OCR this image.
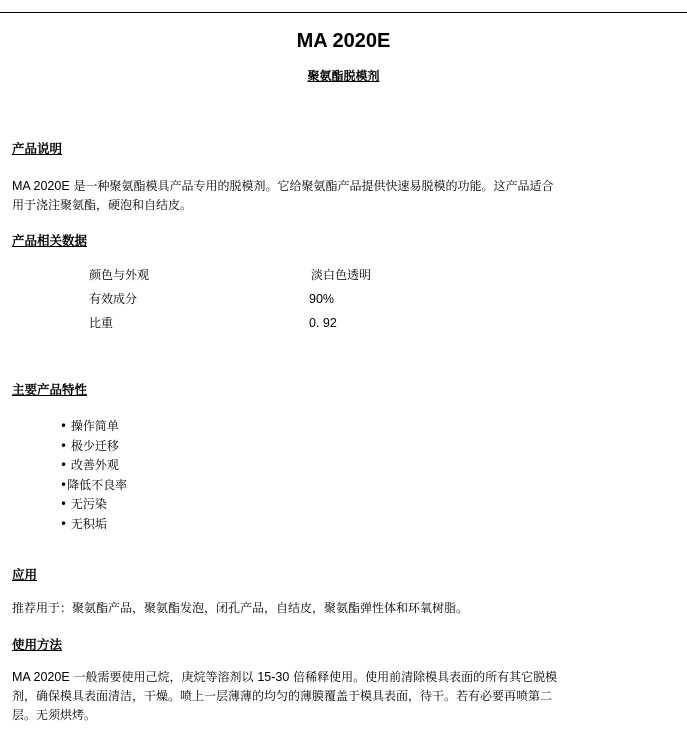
MA 2020E
聚氨酯脱模剂
产品说明

MA 2020E 是一种聚氨酯模具产品专用的脱模剂。它给聚氨酯产品提供快速易脱模的功能。这产品适合
用于浇注聚氨酯，硬泡和自结皮。

产品相关数据
颜色与外观	淡白色透明
有效成分	90%
比重	0. 92
主要产品特性
• 操作简单
• 极少迁移
• 改善外观
•降低不良率
• 无污染
• 无积垢
应用

推荐用于：聚氨酯产品，聚氨酯发泡，闭孔产品，自结皮，聚氨酯弹性体和环氧树脂。

使用方法

MA 2020E 一般需要使用己烷，庚烷等溶剂以 15-30 倍稀释使用。使用前清除模具表面的所有其它脱模
剂，确保模具表面清洁，干燥。喷上一层薄薄的均匀的薄膜覆盖于模具表面，待干。若有必要再喷第二
层。无须烘烤。
